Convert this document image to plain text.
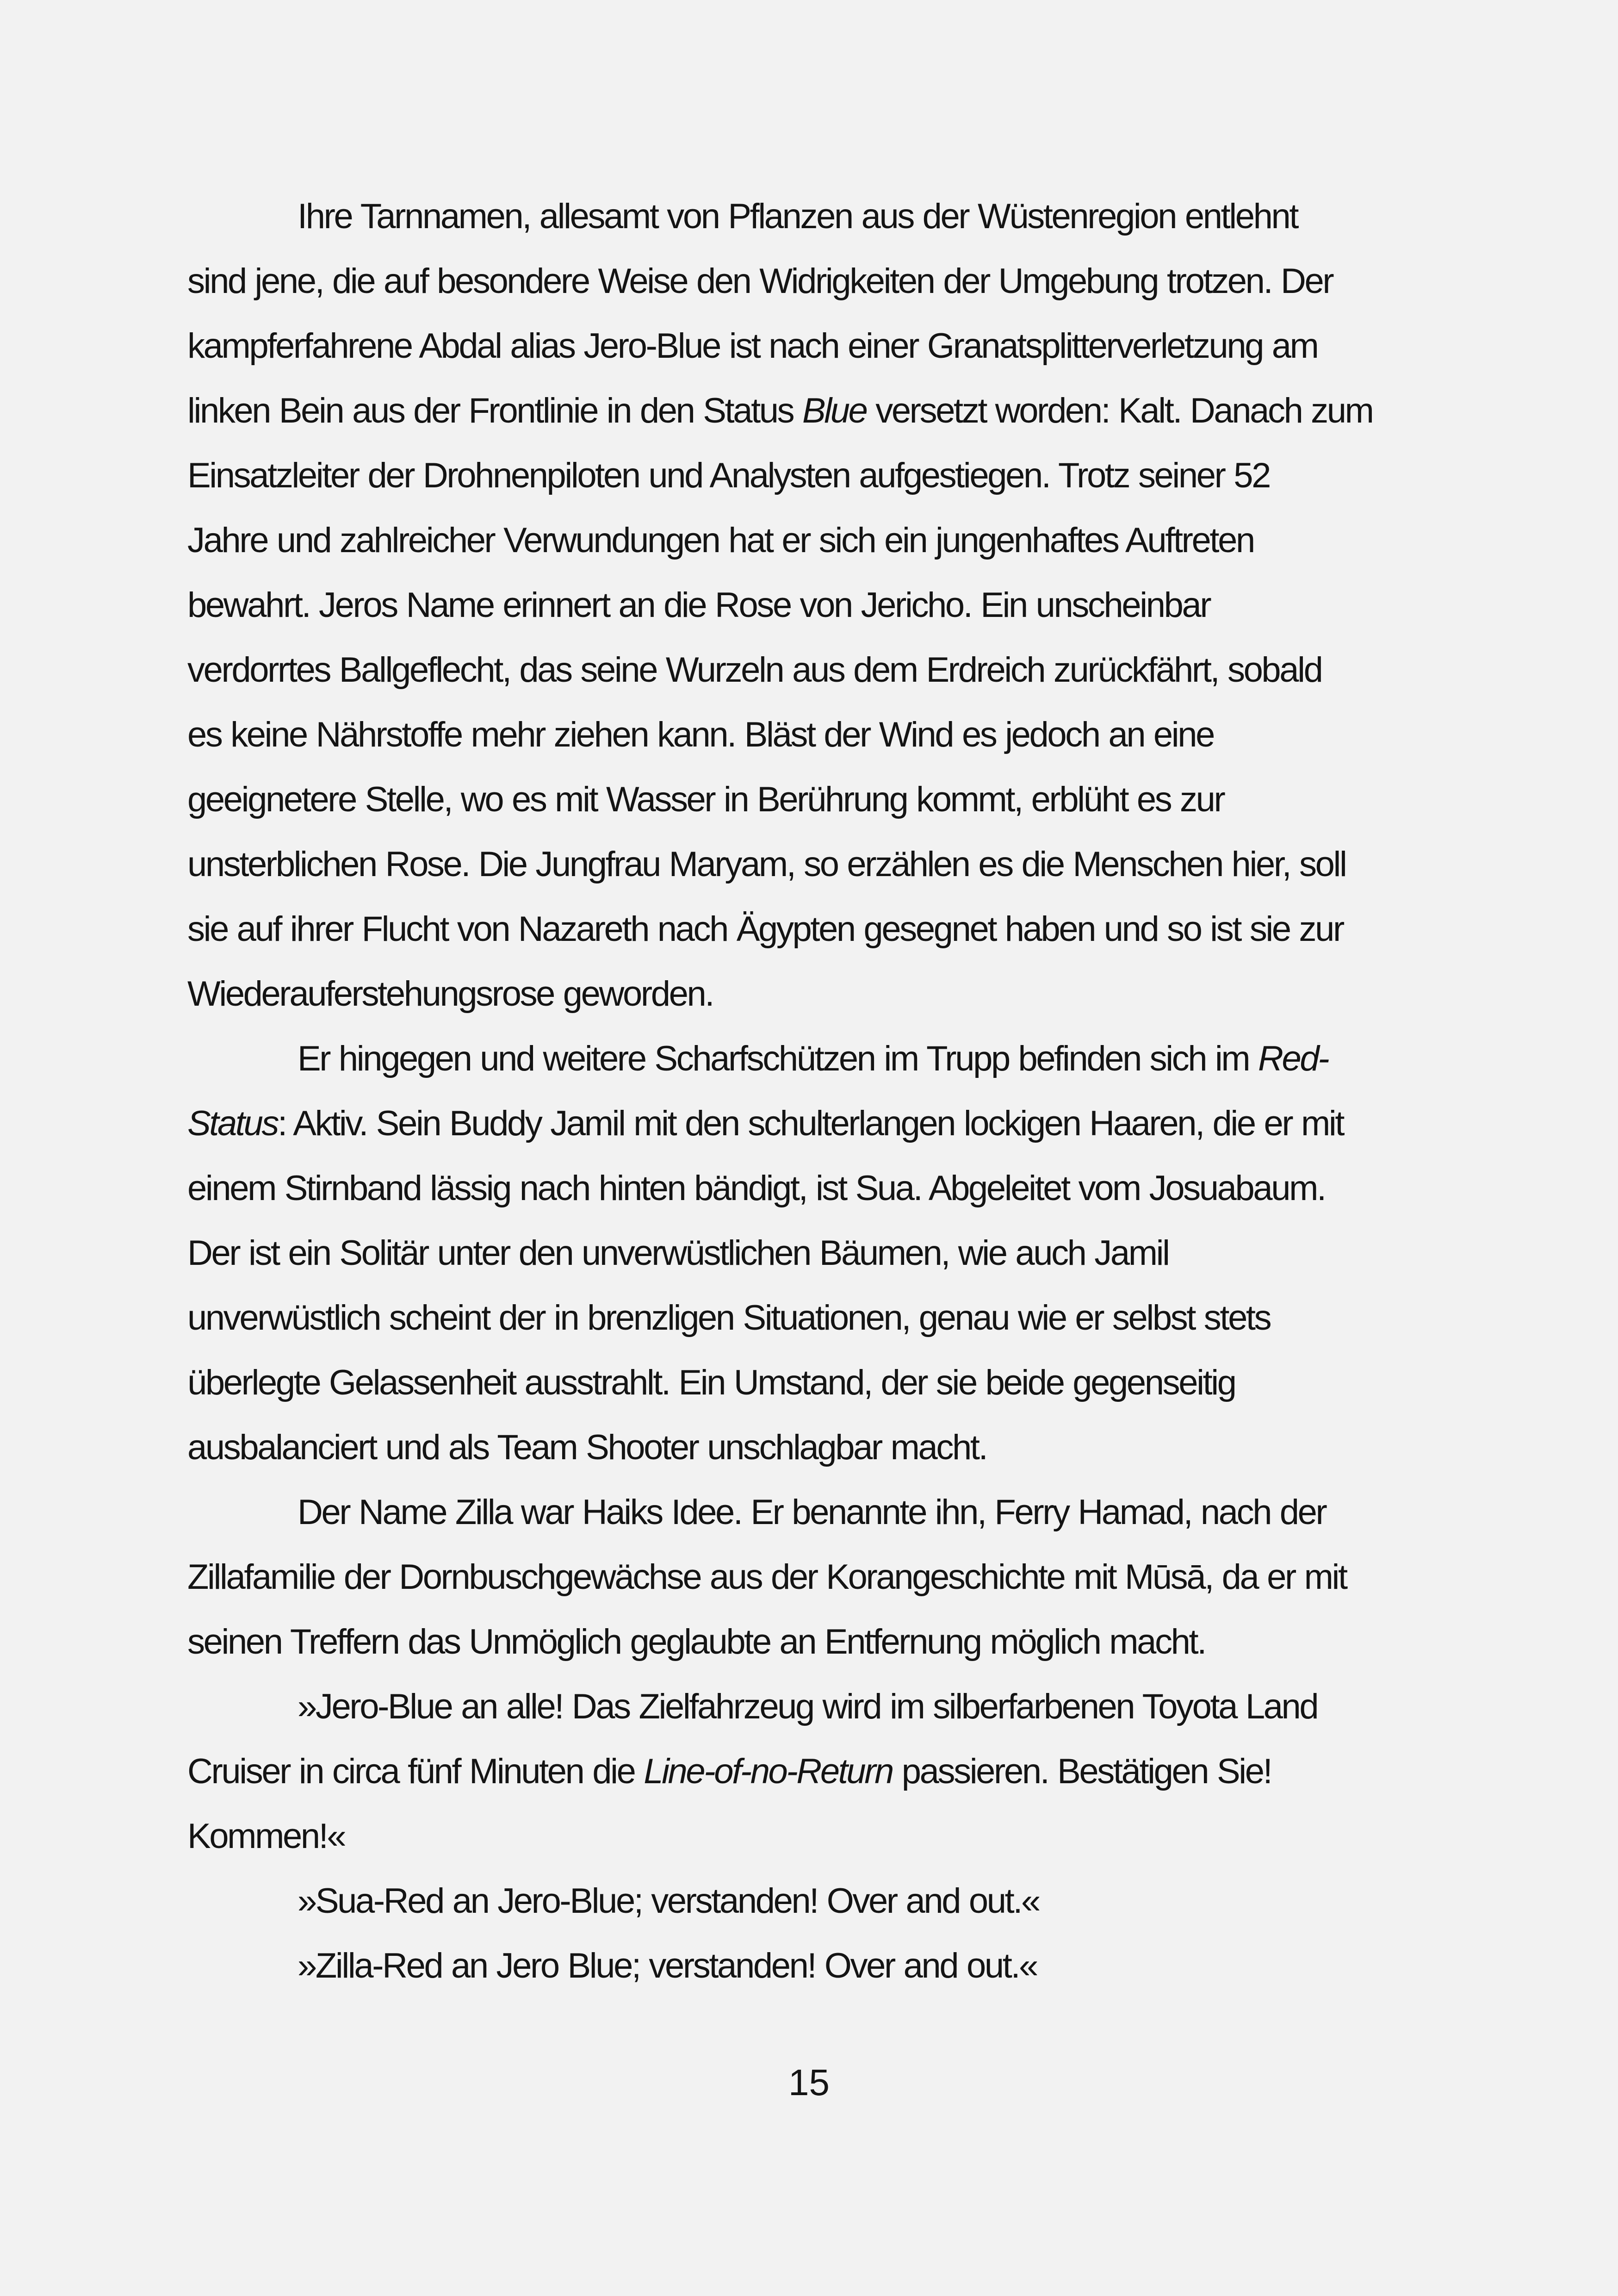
Ihre Tarnnamen, allesamt von Pflanzen aus der Wüstenregion entlehnt
sind jene, die auf besondere Weise den Widrigkeiten der Umgebung trotzen. Der
kampferfahrene Abdal alias Jero-Blue ist nach einer Granatsplitterverletzung am
linken Bein aus der Frontlinie in den Status Blue versetzt worden: Kalt. Danach zum
Einsatzleiter der Drohnenpiloten und Analysten aufgestiegen. Trotz seiner 52
Jahre und zahlreicher Verwundungen hat er sich ein jungenhaftes Auftreten
bewahrt. Jeros Name erinnert an die Rose von Jericho. Ein unscheinbar
verdorrtes Ballgeflecht, das seine Wurzeln aus dem Erdreich zurückfährt, sobald
es keine Nährstoffe mehr ziehen kann. Bläst der Wind es jedoch an eine
geeignetere Stelle, wo es mit Wasser in Berührung kommt, erblüht es zur
unsterblichen Rose. Die Jungfrau Maryam, so erzählen es die Menschen hier, soll
sie auf ihrer Flucht von Nazareth nach Ägypten gesegnet haben und so ist sie zur
Wiederauferstehungsrose geworden.
Er hingegen und weitere Scharfschützen im Trupp befinden sich im Red-
Status: Aktiv. Sein Buddy Jamil mit den schulterlangen lockigen Haaren, die er mit
einem Stirnband lässig nach hinten bändigt, ist Sua. Abgeleitet vom Josuabaum.
Der ist ein Solitär unter den unverwüstlichen Bäumen, wie auch Jamil
unverwüstlich scheint der in brenzligen Situationen, genau wie er selbst stets
überlegte Gelassenheit ausstrahlt. Ein Umstand, der sie beide gegenseitig
ausbalanciert und als Team Shooter unschlagbar macht.
Der Name Zilla war Haiks Idee. Er benannte ihn, Ferry Hamad, nach der
Zillafamilie der Dornbuschgewächse aus der Korangeschichte mit Mūsā, da er mit
seinen Treffern das Unmöglich geglaubte an Entfernung möglich macht.
»Jero-Blue an alle! Das Zielfahrzeug wird im silberfarbenen Toyota Land
Cruiser in circa fünf Minuten die Line-of-no-Return passieren. Bestätigen Sie!
Kommen!«
»Sua-Red an Jero-Blue; verstanden! Over and out.«
»Zilla-Red an Jero Blue; verstanden! Over and out.«
15
